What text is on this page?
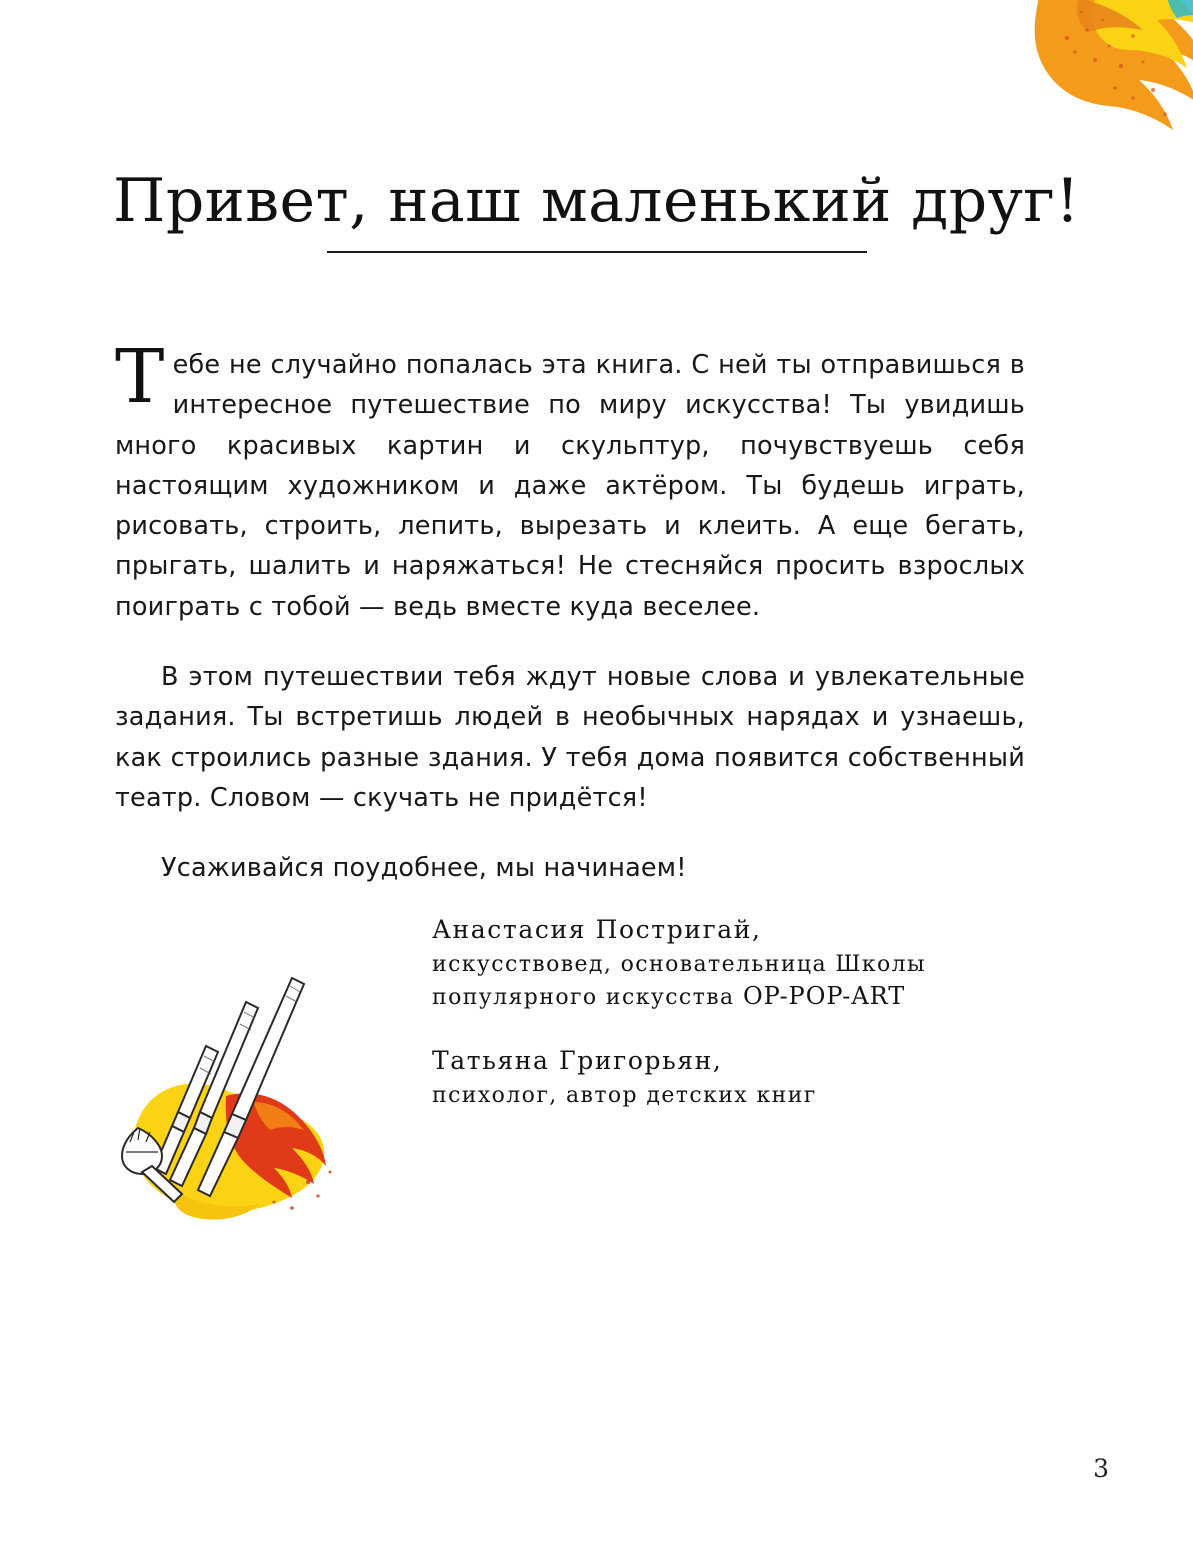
Привет, наш маленький друг!

Тебе не случайно попалась эта книга. С ней ты отправишься в интересное путешествие по миру искусства! Ты увидишь много красивых картин и скульптур, почувствуешь себя настоящим художником и даже актёром. Ты будешь играть, рисовать, строить, лепить, вырезать и клеить. А еще бегать, прыгать, шалить и наряжаться! Не стесняйся просить взрослых поиграть с тобой — ведь вместе куда веселее.

В этом путешествии тебя ждут новые слова и увлекательные задания. Ты встретишь людей в необычных нарядах и узнаешь, как строились разные здания. У тебя дома появится собственный театр. Словом — скучать не придётся!

Усаживайся поудобнее, мы начинаем!

Анастасия Постригай,

искусствовед, основательница Школы
популярного искусства OP-POP-ART

Татьяна Григорьян,

психолог, автор детских книг

3
